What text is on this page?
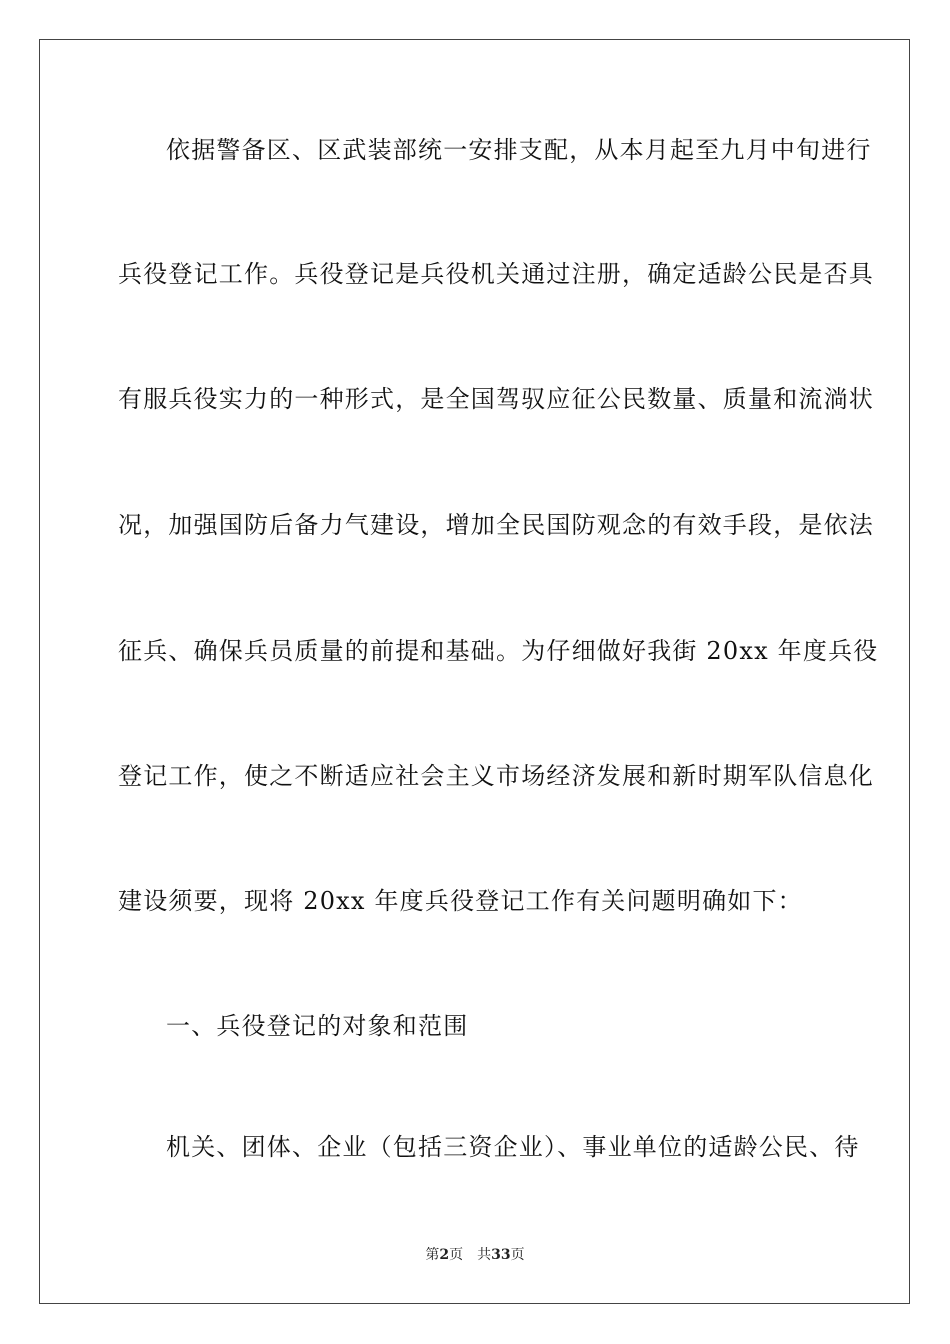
依据警备区、区武装部统一安排支配，从本月起至九月中旬进行
兵役登记工作。兵役登记是兵役机关通过注册，确定适龄公民是否具
有服兵役实力的一种形式，是全国驾驭应征公民数量、质量和流淌状
况，加强国防后备力气建设，增加全民国防观念的有效手段，是依法
征兵、确保兵员质量的前提和基础。为仔细做好我街 20xx 年度兵役
登记工作，使之不断适应社会主义市场经济发展和新时期军队信息化
建设须要，现将 20xx 年度兵役登记工作有关问题明确如下：
一、兵役登记的对象和范围
机关、团体、企业（包括三资企业）、事业单位的适龄公民、待
第2页 共33页
